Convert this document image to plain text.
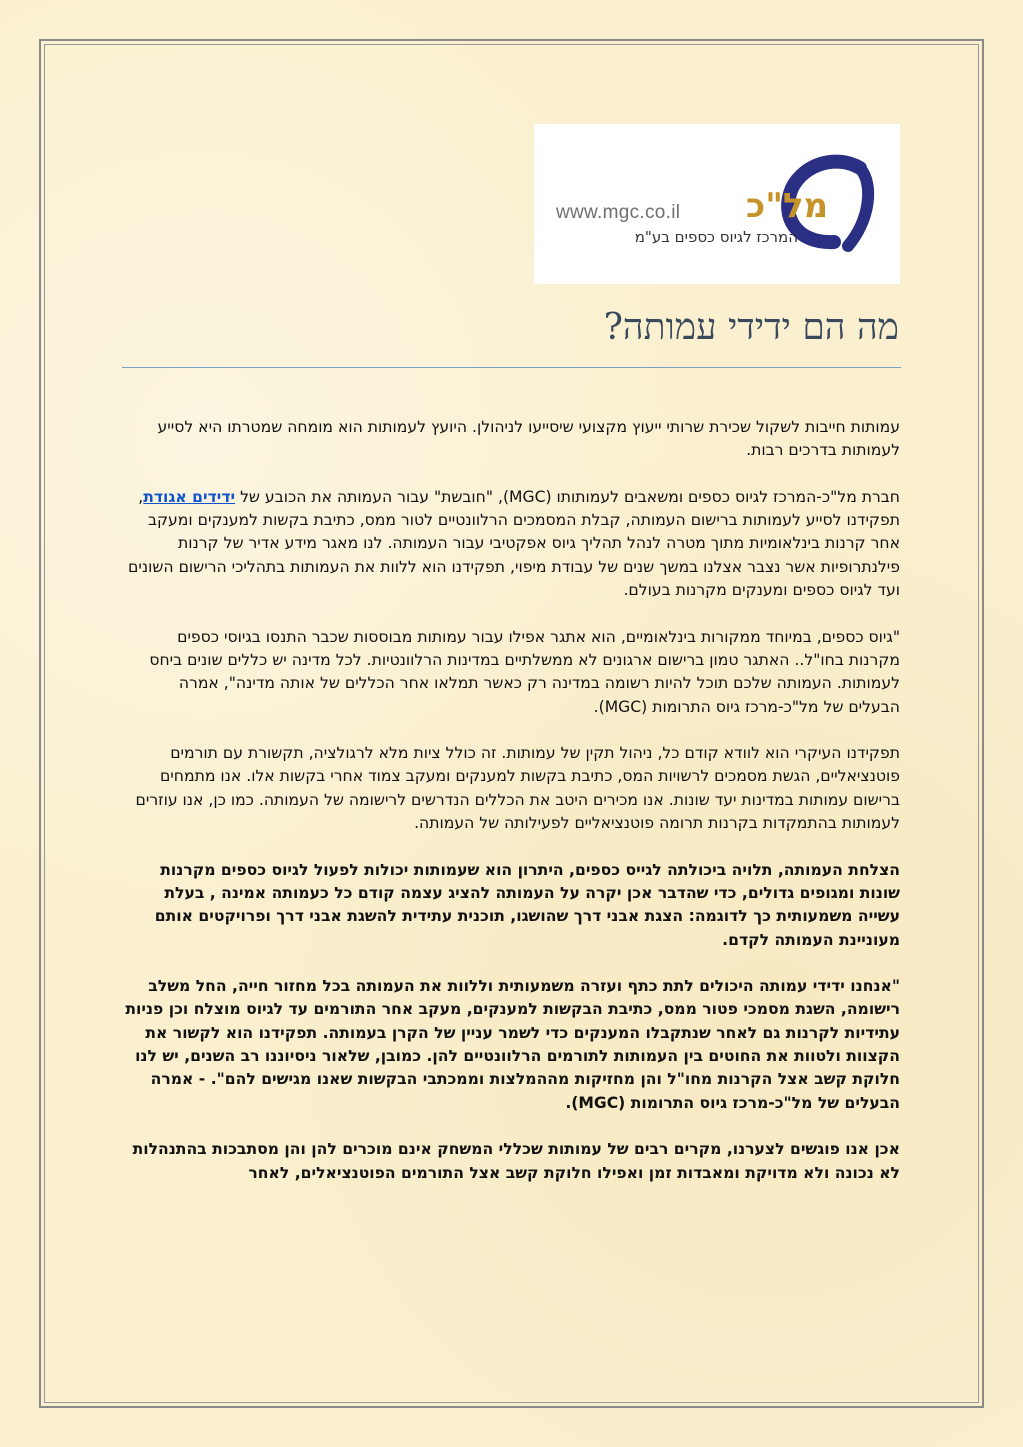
מל"כ
www.mgc.co.il
המרכז לגיוס כספים בע"מ
מה הם ידידי עמותה?

עמותות חייבות לשקול שכירת שרותי ייעוץ מקצועי שיסייעו לניהולן. היועץ לעמותות הוא מומחה שמטרתו היא לסייע לעמותות בדרכים רבות.

חברת מל"כ-המרכז לגיוס כספים ומשאבים לעמותותו (MGC), "חובשת" עבור העמותה את הכובע של ידידים אגודת, תפקידנו לסייע לעמותות ברישום העמותה, קבלת המסמכים הרלוונטיים לטור ממס, כתיבת בקשות למענקים ומעקב אחר קרנות בינלאומיות מתוך מטרה לנהל תהליך גיוס אפקטיבי עבור העמותה. לנו מאגר מידע אדיר של קרנות פילנתרופיות אשר נצבר אצלנו במשך שנים של עבודת מיפוי, תפקידנו הוא ללוות את העמותות בתהליכי הרישום השונים ועד לגיוס כספים ומענקים מקרנות בעולם.

"גיוס כספים, במיוחד ממקורות בינלאומיים, הוא אתגר אפילו עבור עמותות מבוססות שכבר התנסו בגיוסי כספים מקרנות בחו"ל.. האתגר טמון ברישום ארגונים לא ממשלתיים במדינות הרלוונטיות. לכל מדינה יש כללים שונים ביחס לעמותות. העמותה שלכם תוכל להיות רשומה במדינה רק כאשר תמלאו אחר הכללים של אותה מדינה", אמרה הבעלים של מל"כ-מרכז גיוס התרומות (MGC).

תפקידנו העיקרי הוא לוודא קודם כל, ניהול תקין של עמותות. זה כולל ציות מלא לרגולציה, תקשורת עם תורמים פוטנציאליים, הגשת מסמכים לרשויות המס, כתיבת בקשות למענקים ומעקב צמוד אחרי בקשות אלו. אנו מתמחים ברישום עמותות במדינות יעד שונות. אנו מכירים היטב את הכללים הנדרשים לרישומה של העמותה. כמו כן, אנו עוזרים לעמותות בהתמקדות בקרנות תרומה פוטנציאליים לפעילותה של העמותה.

הצלחת העמותה, תלויה ביכולתה לגייס כספים, היתרון הוא שעמותות יכולות לפעול לגיוס כספים מקרנות שונות ומגופים גדולים, כדי שהדבר אכן יקרה על העמותה להציג עצמה קודם כל כעמותה אמינה , בעלת עשייה משמעותית כך לדוגמה: הצגת אבני דרך שהושגו, תוכנית עתידית להשגת אבני דרך ופרויקטים אותם מעוניינת העמותה לקדם.

"אנחנו ידידי עמותה היכולים לתת כתף ועזרה משמעותית וללוות את העמותה בכל מחזור חייה, החל משלב רישומה, השגת מסמכי פטור ממס, כתיבת הבקשות למענקים, מעקב אחר התורמים עד לגיוס מוצלח וכן פניות עתידיות לקרנות גם לאחר שנתקבלו המענקים כדי לשמר עניין של הקרן בעמותה. תפקידנו הוא לקשור את הקצוות ולטוות את החוטים בין העמותות לתורמים הרלוונטיים להן. כמובן, שלאור ניסיוננו רב השנים, יש לנו חלוקת קשב אצל הקרנות מחו"ל והן מחזיקות מההמלצות וממכתבי הבקשות שאנו מגישים להם". - אמרה הבעלים של מל"כ-מרכז גיוס התרומות (MGC).

אכן אנו פוגשים לצערנו, מקרים רבים של עמותות שכללי המשחק אינם מוכרים להן והן מסתבכות בהתנהלות לא נכונה ולא מדויקת ומאבדות זמן ואפילו חלוקת קשב אצל התורמים הפוטנציאלים, לאחר
